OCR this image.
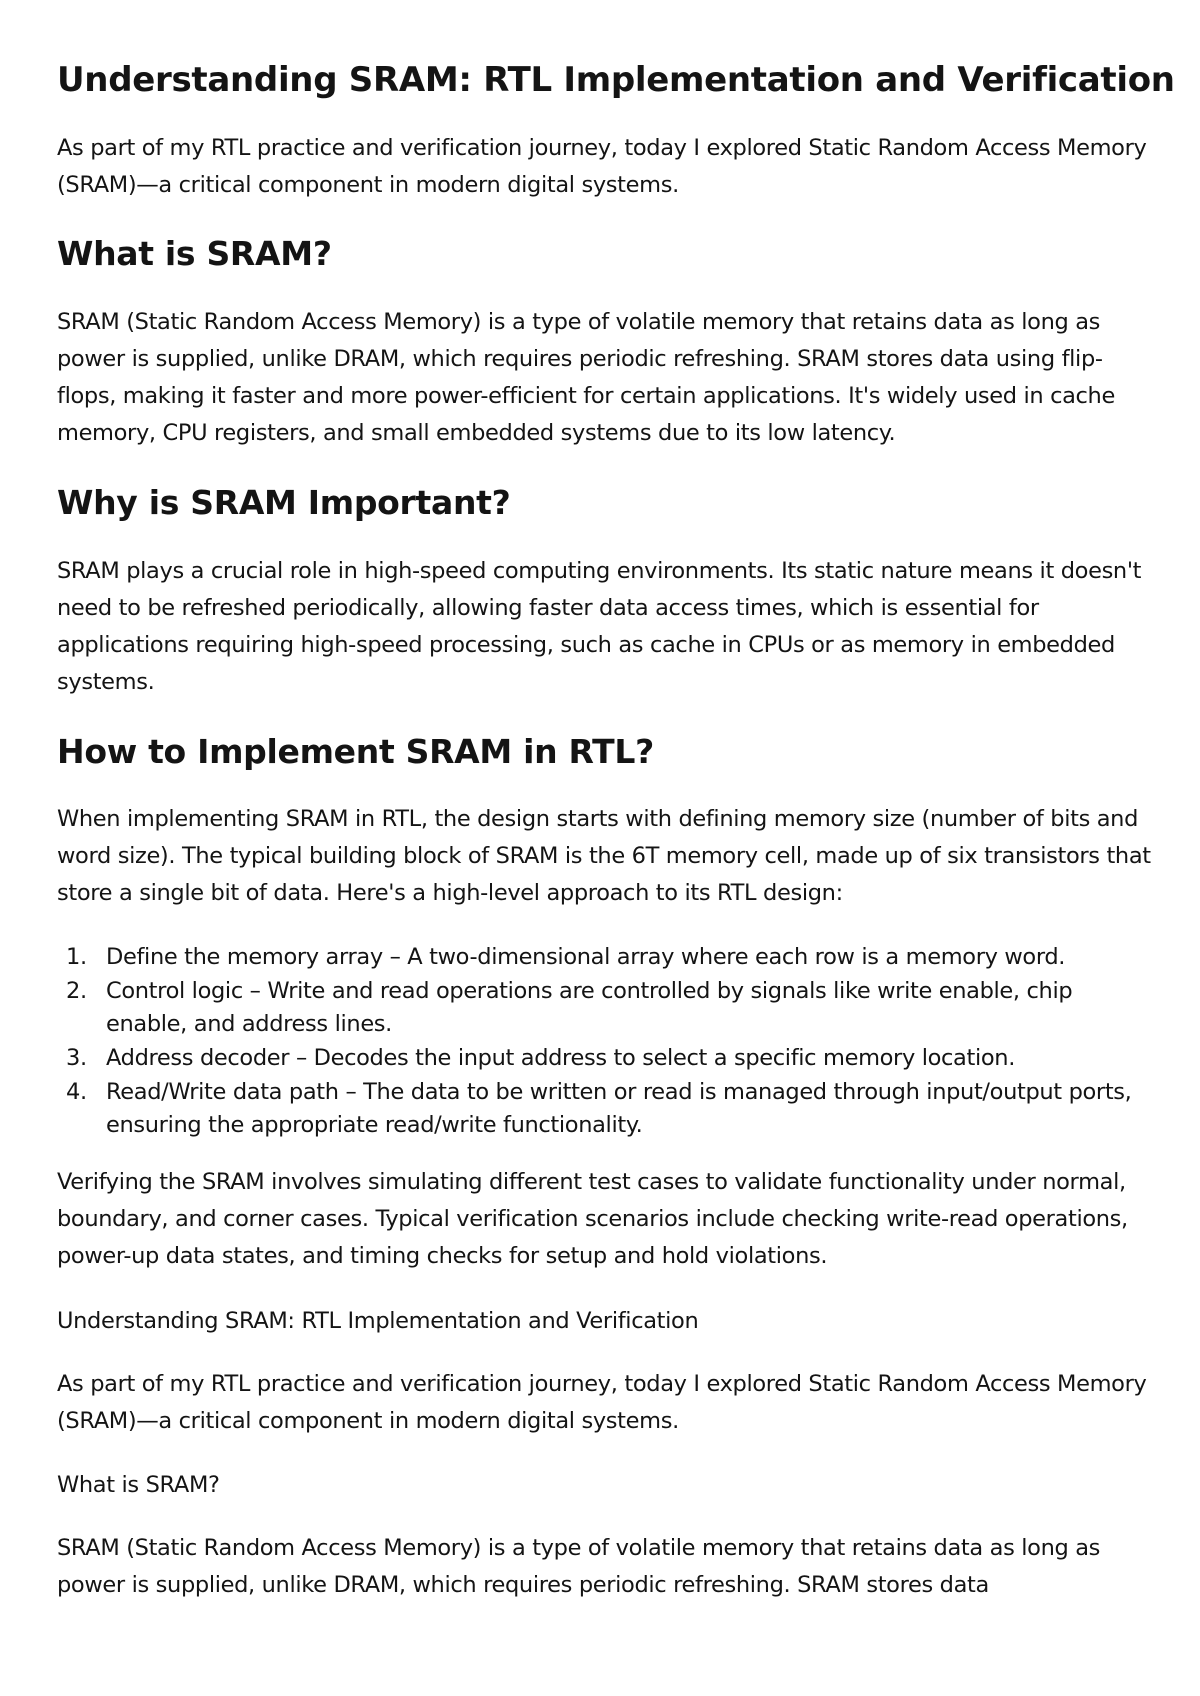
Understanding SRAM: RTL Implementation and Verification

As part of my RTL practice and verification journey, today I explored Static Random Access Memory (SRAM)—a critical component in modern digital systems.

What is SRAM?

SRAM (Static Random Access Memory) is a type of volatile memory that retains data as long as power is supplied, unlike DRAM, which requires periodic refreshing. SRAM stores data using flip-flops, making it faster and more power-efficient for certain applications. It's widely used in cache memory, CPU registers, and small embedded systems due to its low latency.

Why is SRAM Important?

SRAM plays a crucial role in high-speed computing environments. Its static nature means it doesn't need to be refreshed periodically, allowing faster data access times, which is essential for applications requiring high-speed processing, such as cache in CPUs or as memory in embedded systems.

How to Implement SRAM in RTL?

When implementing SRAM in RTL, the design starts with defining memory size (number of bits and word size). The typical building block of SRAM is the 6T memory cell, made up of six transistors that store a single bit of data. Here's a high-level approach to its RTL design:

1. Define the memory array – A two-dimensional array where each row is a memory word.
2. Control logic – Write and read operations are controlled by signals like write enable, chip enable, and address lines.
3. Address decoder – Decodes the input address to select a specific memory location.
4. Read/Write data path – The data to be written or read is managed through input/output ports, ensuring the appropriate read/write functionality.

Verifying the SRAM involves simulating different test cases to validate functionality under normal, boundary, and corner cases. Typical verification scenarios include checking write-read operations, power-up data states, and timing checks for setup and hold violations.

Understanding SRAM: RTL Implementation and Verification

As part of my RTL practice and verification journey, today I explored Static Random Access Memory (SRAM)—a critical component in modern digital systems.

What is SRAM?

SRAM (Static Random Access Memory) is a type of volatile memory that retains data as long as power is supplied, unlike DRAM, which requires periodic refreshing. SRAM stores data
